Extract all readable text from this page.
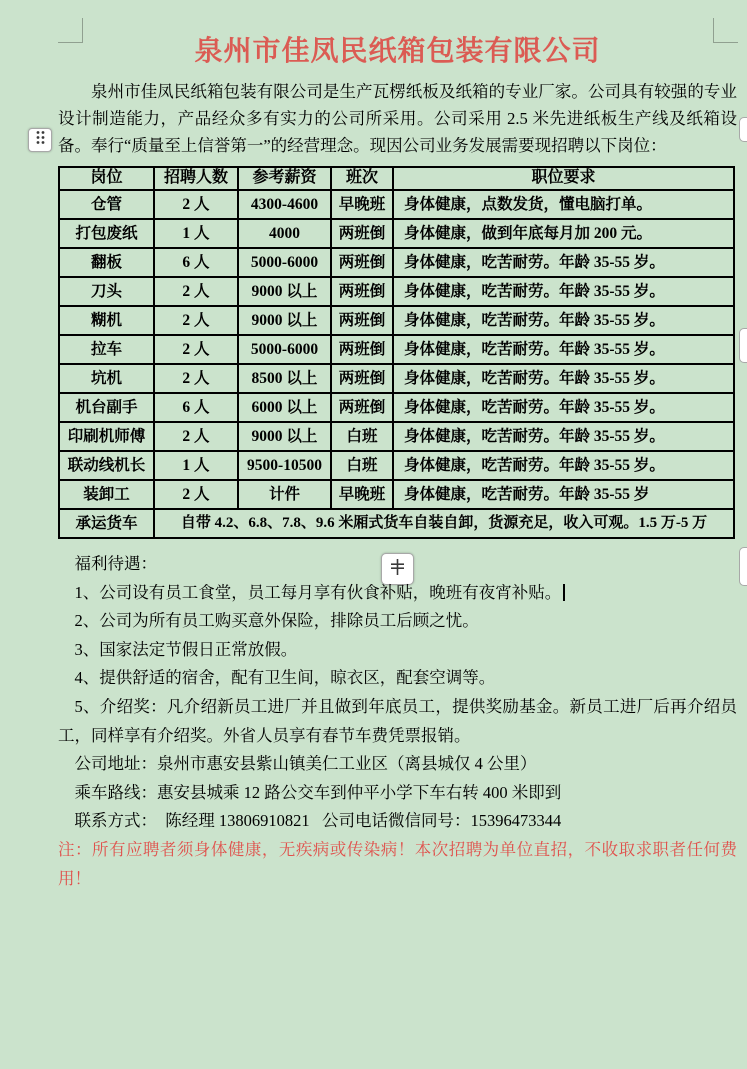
泉州市佳凤民纸箱包装有限公司

泉州市佳凤民纸箱包装有限公司是生产瓦楞纸板及纸箱的专业厂家。公司具有较强的专业设计制造能力，产品经众多有实力的公司所采用。公司采用 2.5 米先进纸板生产线及纸箱设备。奉行“质量至上信誉第一”的经营理念。现因公司业务发展需要现招聘以下岗位：

岗位	招聘人数	参考薪资	班次	职位要求
仓管	2 人	4300-4600	早晚班	身体健康，点数发货，懂电脑打单。
打包废纸	1 人	4000	两班倒	身体健康，做到年底每月加 200 元。
翻板	6 人	5000-6000	两班倒	身体健康，吃苦耐劳。年龄 35-55 岁。
刀头	2 人	9000 以上	两班倒	身体健康，吃苦耐劳。年龄 35-55 岁。
糊机	2 人	9000 以上	两班倒	身体健康，吃苦耐劳。年龄 35-55 岁。
拉车	2 人	5000-6000	两班倒	身体健康，吃苦耐劳。年龄 35-55 岁。
坑机	2 人	8500 以上	两班倒	身体健康，吃苦耐劳。年龄 35-55 岁。
机台副手	6 人	6000 以上	两班倒	身体健康，吃苦耐劳。年龄 35-55 岁。
印刷机师傅	2 人	9000 以上	白班	身体健康，吃苦耐劳。年龄 35-55 岁。
联动线机长	1 人	9500-10500	白班	身体健康，吃苦耐劳。年龄 35-55 岁。
装卸工	2 人	计件	早晚班	身体健康，吃苦耐劳。年龄 35-55 岁
承运货车	自带 4.2、6.8、7.8、9.6 米厢式货车自装自卸，货源充足，收入可观。1.5 万-5 万			

福利待遇：

1、公司设有员工食堂，员工每月享有伙食补贴，晚班有夜宵补贴。

2、公司为所有员工购买意外保险，排除员工后顾之忧。

3、国家法定节假日正常放假。

4、提供舒适的宿舍，配有卫生间，晾衣区，配套空调等。

5、介绍奖：凡介绍新员工进厂并且做到年底员工，提供奖励基金。新员工进厂后再介绍员工，同样享有介绍奖。外省人员享有春节车费凭票报销。

公司地址：泉州市惠安县紫山镇美仁工业区（离县城仅 4 公里）

乘车路线：惠安县城乘 12 路公交车到仲平小学下车右转 400 米即到

联系方式：  陈经理 13806910821   公司电话微信同号：15396473344

注：所有应聘者须身体健康，无疾病或传染病！本次招聘为单位直招，不收取求职者任何费用！
